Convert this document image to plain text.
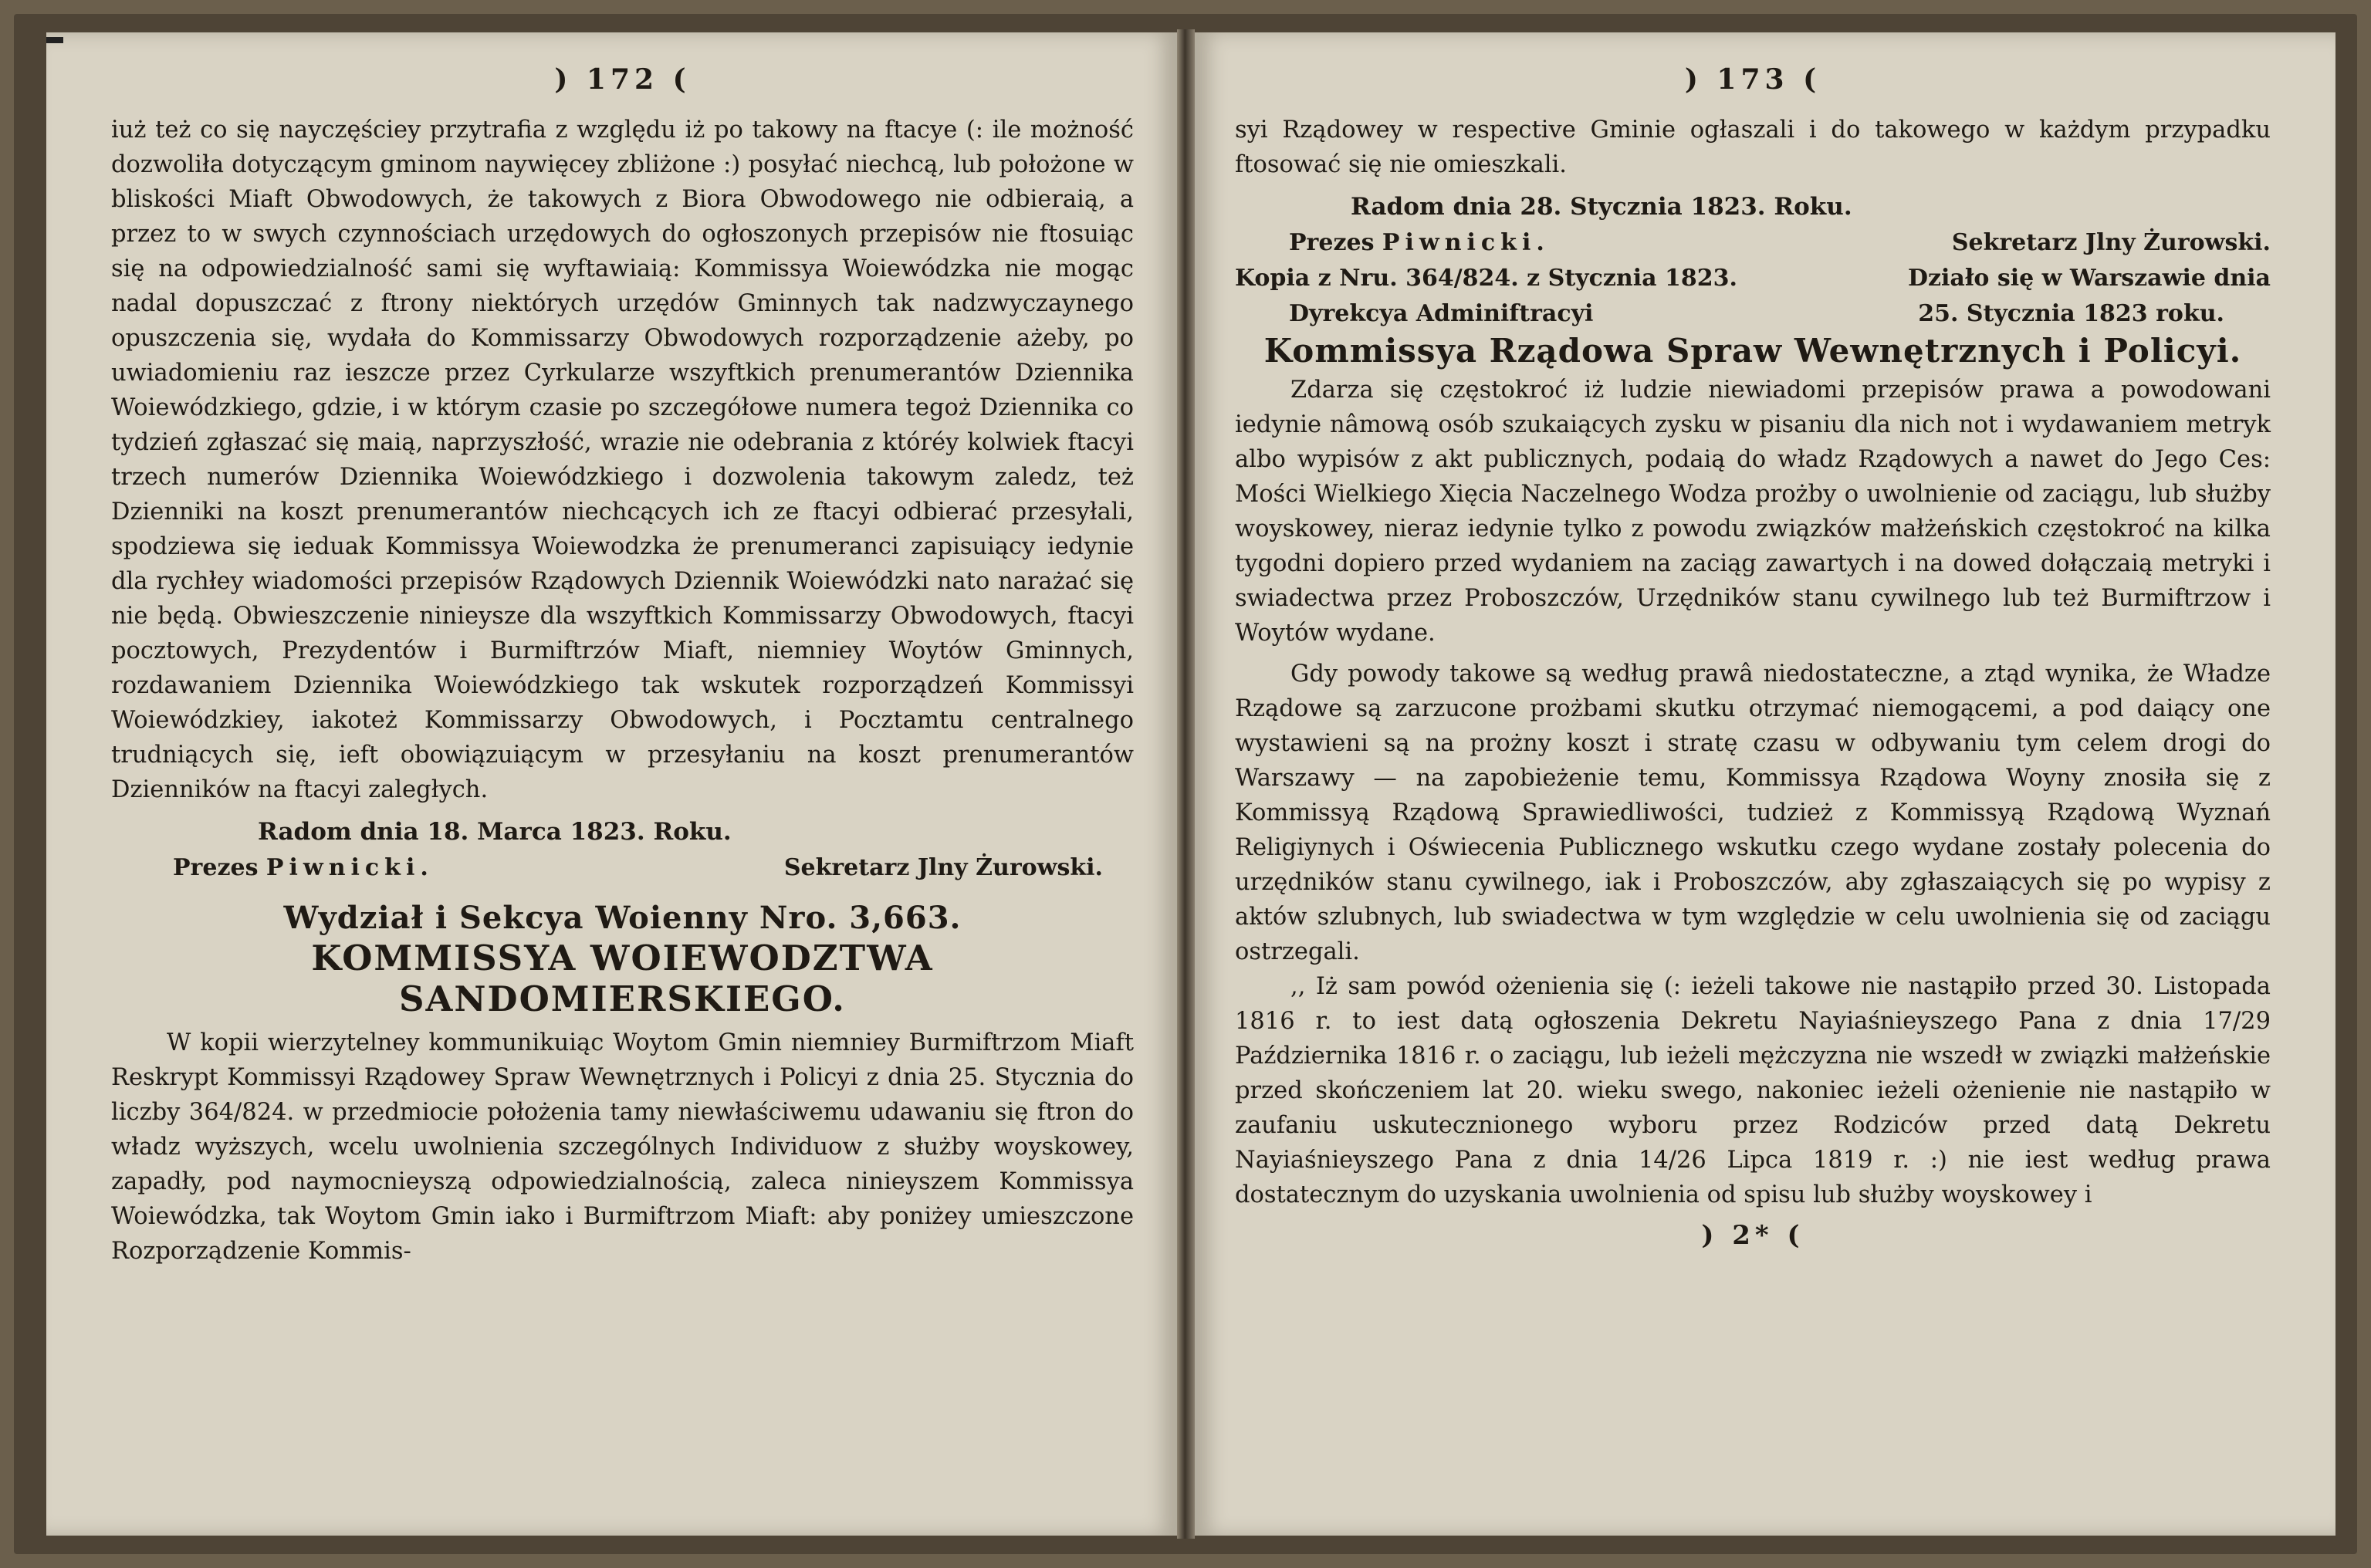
) 172 (

iuż też co się nayczęściey przytrafia z względu iż po takowy na ftacye (: ile możność dozwoliła dotyczącym gminom naywięcey zbliżone :) posyłać niechcą, lub położone w bliskości Miaft Obwodowych, że takowych z Biora Obwodowego nie odbieraią, a przez to w swych czynnościach urzędowych do ogłoszonych przepisów nie ftosuiąc się na odpowiedzialność sami się wyftawiaią: Kommissya Woiewódzka nie mogąc nadal dopuszczać z ftrony niektórych urzędów Gminnych tak nadzwyczaynego opuszczenia się, wydała do Kommissarzy Obwodowych rozporządzenie ażeby, po uwiadomieniu raz ieszcze przez Cyrkularze wszyftkich prenumerantów Dziennika Woiewódzkiego, gdzie, i w którym czasie po szczegółowe numera tegoż Dziennika co tydzień zgłaszać się maią, naprzyszłość, wrazie nie odebrania z któréy kolwiek ftacyi trzech numerów Dziennika Woiewódzkiego i dozwolenia takowym zaledz, też Dzienniki na koszt prenumerantów niechcących ich ze ftacyi odbierać przesyłali, spodziewa się ieduak Kommissya Woiewodzka że prenumeranci zapisuiący iedynie dla rychłey wiadomości przepisów Rządowych Dziennik Woiewódzki nato narażać się nie będą. Obwieszczenie ninieysze dla wszyftkich Kommissarzy Obwodowych, ftacyi pocztowych, Prezydentów i Burmiftrzów Miaft, niemniey Woytów Gminnych, rozdawaniem Dziennika Woiewódzkiego tak wskutek rozporządzeń Kommissyi Woiewódzkiey, iakoteż Kommissarzy Obwodowych, i Pocztamtu centralnego trudniących się, ieft obowiązuiącym w przesyłaniu na koszt prenumerantów Dzienników na ftacyi zaległych.

Radom dnia 18. Marca 1823. Roku.
Prezes Piwnicki.	Sekretarz Jlny Żurowski.
Wydział i Sekcya Woienny Nro. 3,663.
KOMMISSYA WOIEWODZTWA SANDOMIERSKIEGO.

W kopii wierzytelney kommunikuiąc Woytom Gmin niemniey Burmiftrzom Miaft Reskrypt Kommissyi Rządowey Spraw Wewnętrznych i Policyi z dnia 25. Stycznia do liczby 364/824. w przedmiocie położenia tamy niewłaściwemu udawaniu się ftron do władz wyższych, wcelu uwolnienia szczególnych Individuow z służby woyskowey, zapadły, pod naymocnieyszą odpowiedzialnością, zaleca ninieyszem Kommissya Woiewódzka, tak Woytom Gmin iako i Burmiftrzom Miaft: aby poniżey umieszczone Rozporządzenie Kommis-

) 173 (

syi Rządowey w respective Gminie ogłaszali i do takowego w każdym przypadku ftosować się nie omieszkali.

Radom dnia 28. Stycznia 1823. Roku.
Prezes Piwnicki.	Sekretarz Jlny Żurowski.
Kopia z Nru. 364/824. z Stycznia 1823.	Działo się w Warszawie dnia
Dyrekcya Adminiftracyi	25. Stycznia 1823 roku.
Kommissya Rządowa Spraw Wewnętrznych i Policyi.

Zdarza się częstokroć iż ludzie niewiadomi przepisów prawa a powodowani iedynie nâmową osób szukaiących zysku w pisaniu dla nich not i wydawaniem metryk albo wypisów z akt publicznych, podaią do władz Rządowych a nawet do Jego Ces: Mości Wielkiego Xięcia Naczelnego Wodza prożby o uwolnienie od zaciągu, lub służby woyskowey, nieraz iedynie tylko z powodu związków małżeńskich częstokroć na kilka tygodni dopiero przed wydaniem na zaciąg zawartych i na dowed dołączaią metryki i swiadectwa przez Proboszczów, Urzędników stanu cywilnego lub też Burmiftrzow i Woytów wydane.

Gdy powody takowe są według prawâ niedostateczne, a ztąd wynika, że Władze Rządowe są zarzucone prożbami skutku otrzymać niemogącemi, a pod daiący one wystawieni są na prożny koszt i stratę czasu w odbywaniu tym celem drogi do Warszawy — na zapobieżenie temu, Kommissya Rządowa Woyny znosiła się z Kommissyą Rządową Sprawiedliwości, tudzież z Kommissyą Rządową Wyznań Religiynych i Oświecenia Publicznego wskutku czego wydane zostały polecenia do urzędników stanu cywilnego, iak i Proboszczów, aby zgłaszaiących się po wypisy z aktów szlubnych, lub swiadectwa w tym względzie w celu uwolnienia się od zaciągu ostrzegali.

,, Iż sam powód ożenienia się (: ieżeli takowe nie nastąpiło przed 30. Listopada 1816 r. to iest datą ogłoszenia Dekretu Nayiaśnieyszego Pana z dnia 17/29 Października 1816 r. o zaciągu, lub ieżeli mężczyzna nie wszedł w związki małżeńskie przed skończeniem lat 20. wieku swego, nakoniec ieżeli ożenienie nie nastąpiło w zaufaniu uskutecznionego wyboru przez Rodziców przed datą Dekretu Nayiaśnieyszego Pana z dnia 14/26 Lipca 1819 r. :) nie iest według prawa dostatecznym do uzyskania uwolnienia od spisu lub służby woyskowey i

) 2* (
